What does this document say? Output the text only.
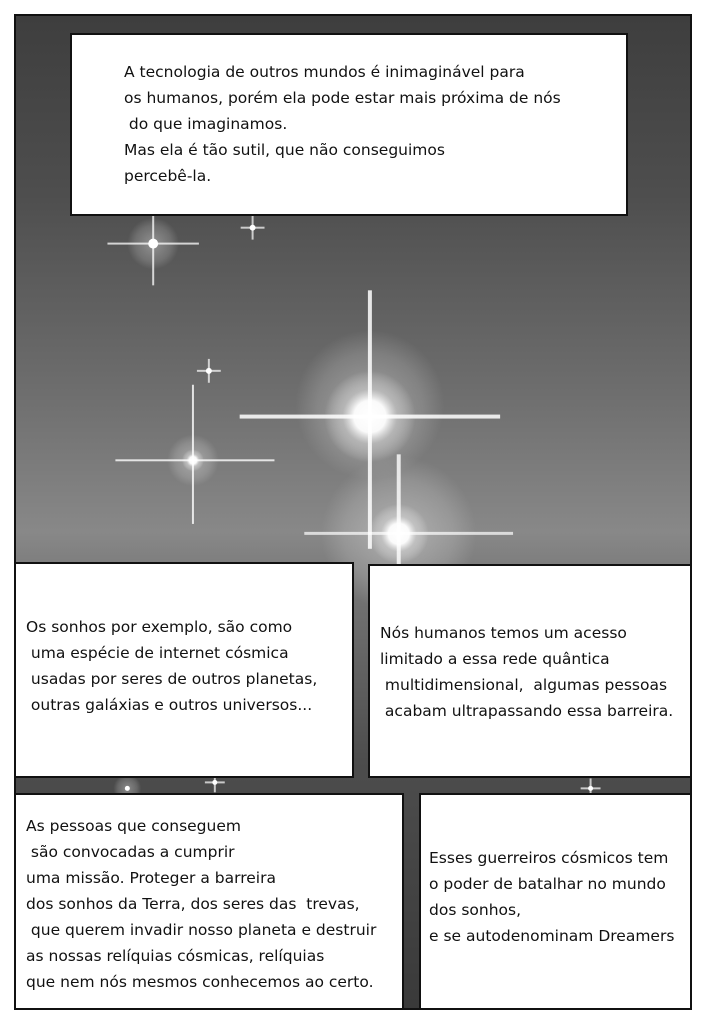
A tecnologia de outros mundos é inimaginável para
os humanos, porém ela pode estar mais próxima de nós
do que imaginamos.
Mas ela é tão sutil, que não conseguimos
percebê-la.
Os sonhos por exemplo, são como
uma espécie de internet cósmica
usadas por seres de outros planetas,
outras galáxias e outros universos...
Nós humanos temos um acesso
limitado a essa rede quântica
multidimensional,  algumas pessoas
acabam ultrapassando essa barreira.
As pessoas que conseguem
são convocadas a cumprir
uma missão. Proteger a barreira
dos sonhos da Terra, dos seres das  trevas,
que querem invadir nosso planeta e destruir
as nossas relíquias cósmicas, relíquias
que nem nós mesmos conhecemos ao certo.
Esses guerreiros cósmicos tem
o poder de batalhar no mundo
dos sonhos,
e se autodenominam Dreamers
